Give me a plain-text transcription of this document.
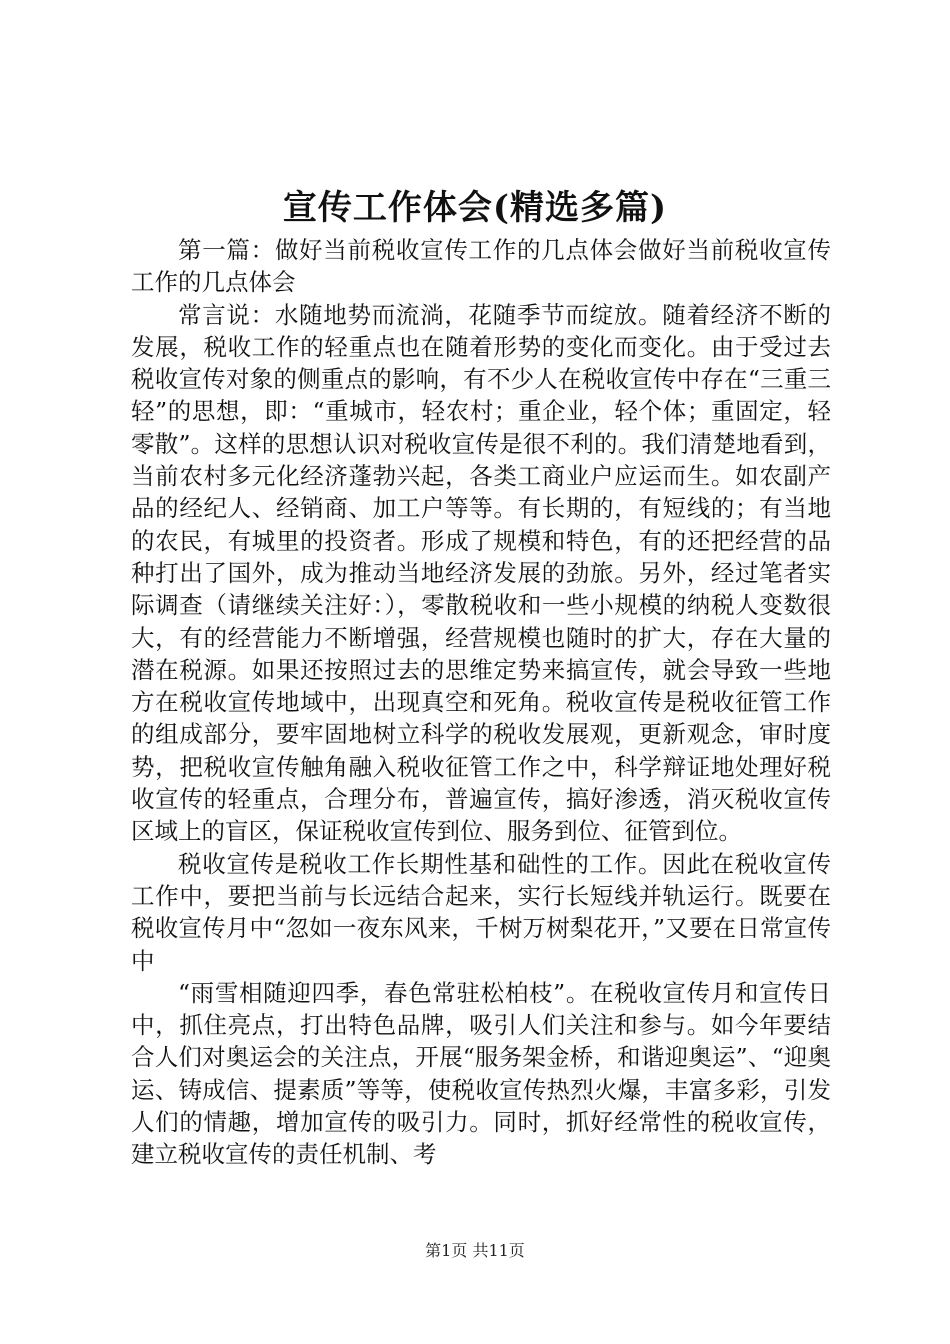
宣传工作体会(精选多篇)

第一篇：做好当前税收宣传工作的几点体会做好当前税收宣传工作的几点体会

常言说：水随地势而流淌，花随季节而绽放。随着经济不断的发展，税收工作的轻重点也在随着形势的变化而变化。由于受过去税收宣传对象的侧重点的影响，有不少人在税收宣传中存在“三重三轻”的思想，即：“重城市，轻农村；重企业，轻个体；重固定，轻零散”。这样的思想认识对税收宣传是很不利的。我们清楚地看到，当前农村多元化经济蓬勃兴起，各类工商业户应运而生。如农副产品的经纪人、经销商、加工户等等。有长期的，有短线的；有当地的农民，有城里的投资者。形成了规模和特色，有的还把经营的品种打出了国外，成为推动当地经济发展的劲旅。另外，经过笔者实际调查（请继续关注好：），零散税收和一些小规模的纳税人变数很大，有的经营能力不断增强，经营规模也随时的扩大，存在大量的潜在税源。如果还按照过去的思维定势来搞宣传，就会导致一些地方在税收宣传地域中，出现真空和死角。税收宣传是税收征管工作的组成部分，要牢固地树立科学的税收发展观，更新观念，审时度势，把税收宣传触角融入税收征管工作之中，科学辩证地处理好税收宣传的轻重点，合理分布，普遍宣传，搞好渗透，消灭税收宣传区域上的盲区，保证税收宣传到位、服务到位、征管到位。

税收宣传是税收工作长期性基和础性的工作。因此在税收宣传工作中，要把当前与长远结合起来，实行长短线并轨运行。既要在税收宣传月中“忽如一夜东风来，千树万树梨花开，”又要在日常宣传中

“雨雪相随迎四季，春色常驻松柏枝”。在税收宣传月和宣传日中，抓住亮点，打出特色品牌，吸引人们关注和参与。如今年要结合人们对奥运会的关注点，开展“服务架金桥，和谐迎奥运”、“迎奥运、铸成信、提素质”等等，使税收宣传热烈火爆，丰富多彩，引发人们的情趣，增加宣传的吸引力。同时，抓好经常性的税收宣传，建立税收宣传的责任机制、考

第1页 共11页
